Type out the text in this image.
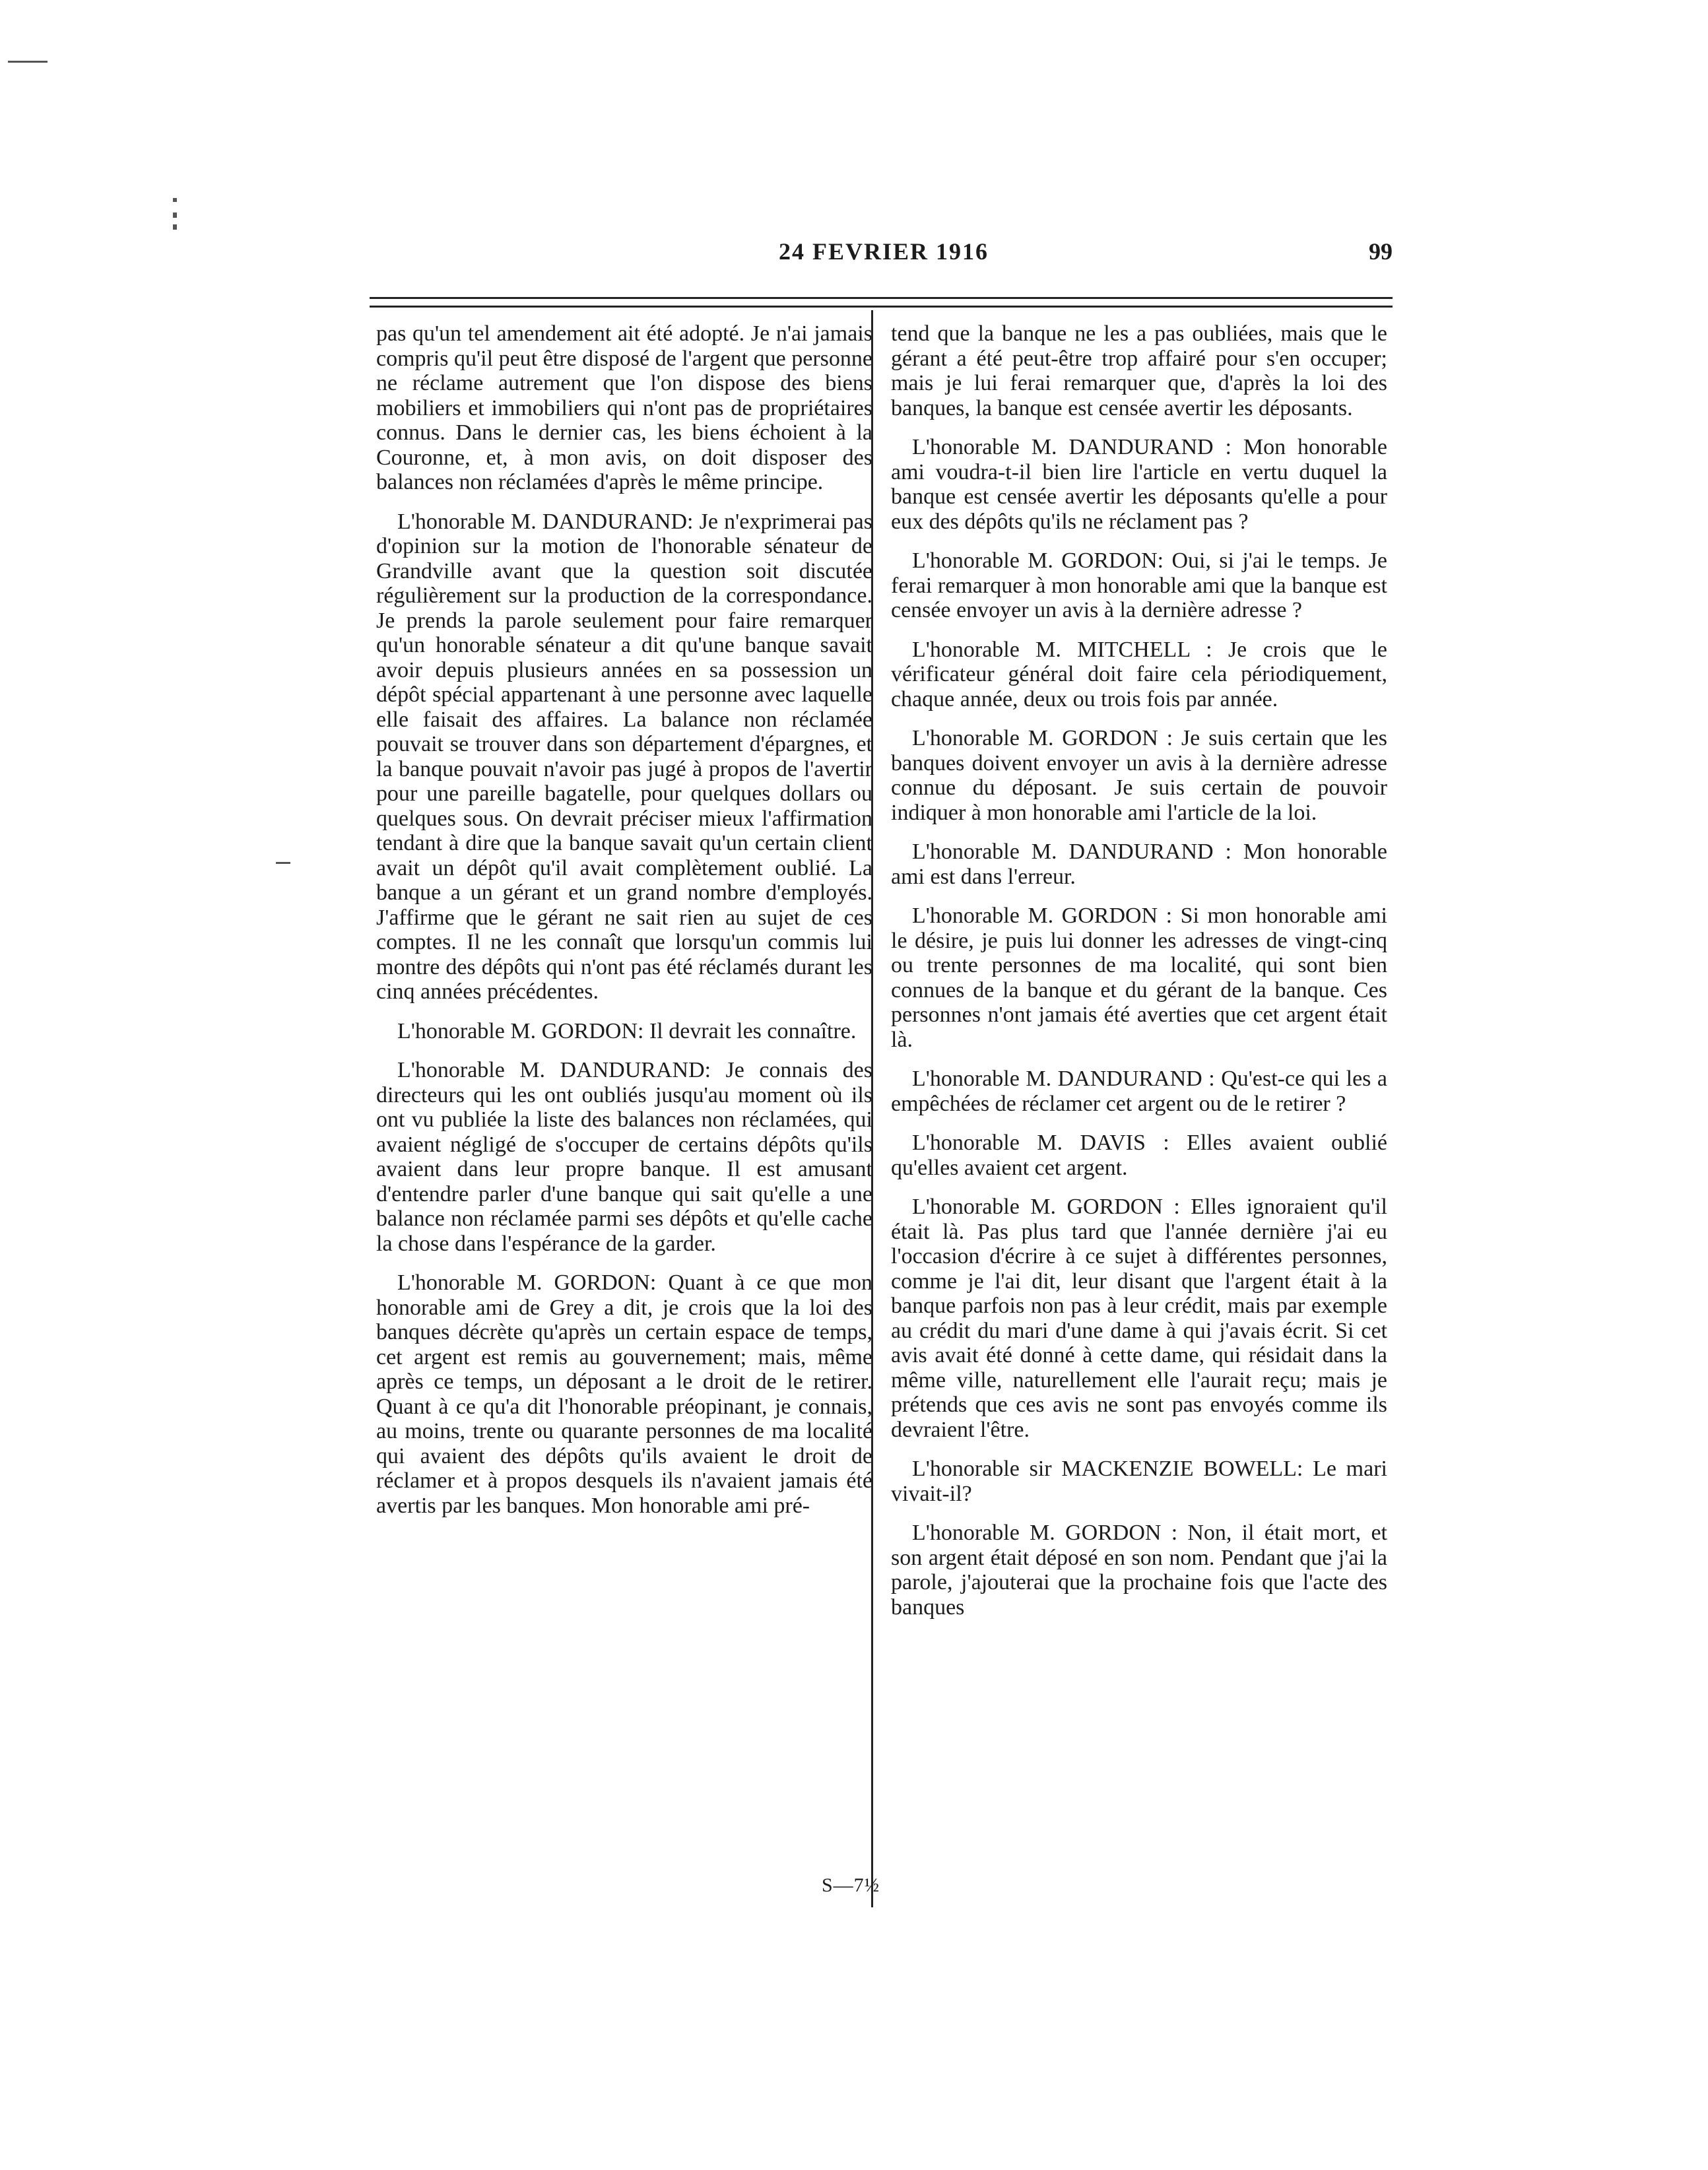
24 FEVRIER 1916	99

pas qu'un tel amendement ait été adopté. Je n'ai jamais compris qu'il peut être disposé de l'argent que personne ne réclame autrement que l'on dispose des biens mobiliers et immobiliers qui n'ont pas de propriétaires connus. Dans le dernier cas, les biens échoient à la Couronne, et, à mon avis, on doit disposer des balances non réclamées d'après le même principe.

L'honorable M. DANDURAND: Je n'exprimerai pas d'opinion sur la motion de l'honorable sénateur de Grandville avant que la question soit discutée régulièrement sur la production de la correspondance. Je prends la parole seulement pour faire remarquer qu'un honorable sénateur a dit qu'une banque savait avoir depuis plusieurs années en sa possession un dépôt spécial appartenant à une personne avec laquelle elle faisait des affaires. La balance non réclamée pouvait se trouver dans son département d'épargnes, et la banque pouvait n'avoir pas jugé à propos de l'avertir pour une pareille bagatelle, pour quelques dollars ou quelques sous. On devrait préciser mieux l'affirmation tendant à dire que la banque savait qu'un certain client avait un dépôt qu'il avait complètement oublié. La banque a un gérant et un grand nombre d'employés. J'affirme que le gérant ne sait rien au sujet de ces comptes. Il ne les connaît que lorsqu'un commis lui montre des dépôts qui n'ont pas été réclamés durant les cinq années précédentes.

L'honorable M. GORDON: Il devrait les connaître.

L'honorable M. DANDURAND: Je connais des directeurs qui les ont oubliés jusqu'au moment où ils ont vu publiée la liste des balances non réclamées, qui avaient négligé de s'occuper de certains dépôts qu'ils avaient dans leur propre banque. Il est amusant d'entendre parler d'une banque qui sait qu'elle a une balance non réclamée parmi ses dépôts et qu'elle cache la chose dans l'espérance de la garder.

L'honorable M. GORDON: Quant à ce que mon honorable ami de Grey a dit, je crois que la loi des banques décrète qu'après un certain espace de temps, cet argent est remis au gouvernement; mais, même après ce temps, un déposant a le droit de le retirer. Quant à ce qu'a dit l'honorable préopinant, je connais, au moins, trente ou quarante personnes de ma localité qui avaient des dépôts qu'ils avaient le droit de réclamer et à propos desquels ils n'avaient jamais été avertis par les banques. Mon honorable ami pré-

tend que la banque ne les a pas oubliées, mais que le gérant a été peut-être trop affairé pour s'en occuper; mais je lui ferai remarquer que, d'après la loi des banques, la banque est censée avertir les déposants.

L'honorable M. DANDURAND : Mon honorable ami voudra-t-il bien lire l'article en vertu duquel la banque est censée avertir les déposants qu'elle a pour eux des dépôts qu'ils ne réclament pas ?

L'honorable M. GORDON: Oui, si j'ai le temps. Je ferai remarquer à mon honorable ami que la banque est censée envoyer un avis à la dernière adresse ?

L'honorable M. MITCHELL : Je crois que le vérificateur général doit faire cela périodiquement, chaque année, deux ou trois fois par année.

L'honorable M. GORDON : Je suis certain que les banques doivent envoyer un avis à la dernière adresse connue du déposant. Je suis certain de pouvoir indiquer à mon honorable ami l'article de la loi.

L'honorable M. DANDURAND : Mon honorable ami est dans l'erreur.

L'honorable M. GORDON : Si mon honorable ami le désire, je puis lui donner les adresses de vingt-cinq ou trente personnes de ma localité, qui sont bien connues de la banque et du gérant de la banque. Ces personnes n'ont jamais été averties que cet argent était là.

L'honorable M. DANDURAND : Qu'est-ce qui les a empêchées de réclamer cet argent ou de le retirer ?

L'honorable M. DAVIS : Elles avaient oublié qu'elles avaient cet argent.

L'honorable M. GORDON : Elles ignoraient qu'il était là. Pas plus tard que l'année dernière j'ai eu l'occasion d'écrire à ce sujet à différentes personnes, comme je l'ai dit, leur disant que l'argent était à la banque parfois non pas à leur crédit, mais par exemple au crédit du mari d'une dame à qui j'avais écrit. Si cet avis avait été donné à cette dame, qui résidait dans la même ville, naturellement elle l'aurait reçu; mais je prétends que ces avis ne sont pas envoyés comme ils devraient l'être.

L'honorable sir MACKENZIE BOWELL: Le mari vivait-il?

L'honorable M. GORDON : Non, il était mort, et son argent était déposé en son nom. Pendant que j'ai la parole, j'ajouterai que la prochaine fois que l'acte des banques

S—7½
